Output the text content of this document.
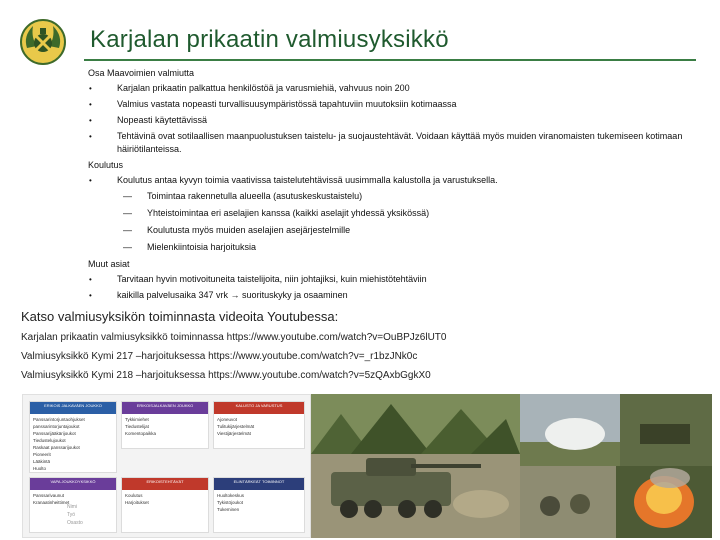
Karjalan prikaatin valmiusyksikkö
Osa Maavoimien valmiutta
• Karjalan prikaatin palkattua henkilöstöä ja varusmiehiä, vahvuus noin 200
• Valmius vastata nopeasti turvallisuusympäristössä tapahtuviin muutoksiin kotimaassa
• Nopeasti käytettävissä
• Tehtävinä ovat sotilaallisen maanpuolustuksen taistelu- ja suojaustehtävät. Voidaan käyttää myös muiden viranomaisten tukemiseen kotimaan häiriötilanteissa.
Koulutus
• Koulutus antaa kyvyn toimia vaativissa taistelutehtävissä uusimmalla kalustolla ja varustuksella.
— Toimintaa rakennetulla alueella (asutuskeskustaistelu)
— Yhteistoimintaa eri aselajien kanssa (kaikki aselajit yhdessä yksikössä)
— Koulutusta myös muiden aselajien asejärjestelmille
— Mielenkiintoisia harjoituksia
Muut asiat
• Tarvitaan hyvin motivoituneita taistelijoita, niin johtajiksi, kuin miehistötehtäviin
• kaikilla palvelusaika 347 vrk → suorituskyky ja osaaminen
Katso valmiusyksikön toiminnasta videoita Youtubessa:
Karjalan prikaatin valmiusyksikkö toiminnassa https://www.youtube.com/watch?v=OuBPJz6lUT0
Valmiusyksikkö Kymi 217 –harjoituksessa https://www.youtube.com/watch?v=_r1bzJNk0c
Valmiusyksikkö Kymi 218 –harjoituksessa https://www.youtube.com/watch?v=5zQAxbGgkX0
ERIKOIS JALKAVÄEN JOUKKO
Panssarintorjuntaohjukset
panssarintorjuntajoukot
Panssarijääkärijoukot
Tiedustelujoukot
Raskaat panssarijoukot
Pioneerit
Lääkintä
Huolto
ERIKOISJALKAVÄEN JOUKKO
Tykkimiehet
Tiedustelijat
Komentopaikka
KALUSTO JA VARUSTUS
Ajoneuvot
Tulitukijärjestelmät
Viestijärjestelmät
VAPA JOUKKOYKSIKKÖ
Panssarivaunut
Kranaatinheittimet
ERIKOISTEHTÄVÄT
Koulutus
Harjoitukset
ELINTÄRKEÄT TOIMINNOT
Huoltokeskus
Tykistöjoukot
Tukeminen
Nimi
Työ
Osasto
